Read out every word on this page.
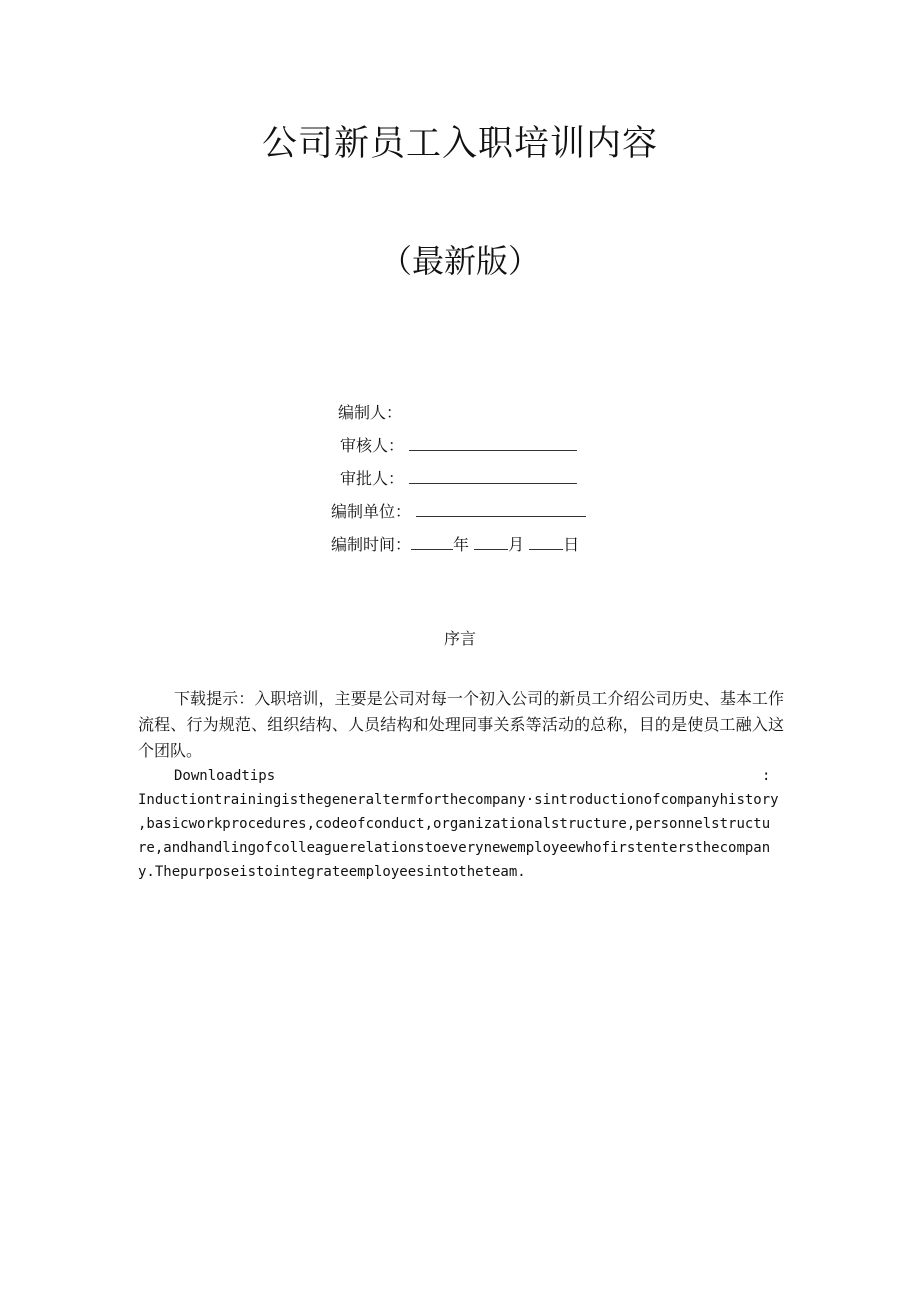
公司新员工入职培训内容
（最新版）
编制人：
审核人：
审批人：
编制单位：
编制时间：	年 月 日
序言

下载提示：入职培训，主要是公司对每一个初入公司的新员工介绍公司历史、基本工作流程、行为规范、组织结构、人员结构和处理同事关系等活动的总称，目的是使员工融入这个团队。

Downloadtips	:

Inductiontrainingisthegeneraltermforthecompany·sintroductionofcompanyhistory

,basicworkprocedures,codeofconduct,organizationalstructure,personnelstructu

re,andhandlingofcolleaguerelationstoeverynewemployeewhofirstentersthecompan

y.Thepurposeistointegrateemployeesintotheteam.
